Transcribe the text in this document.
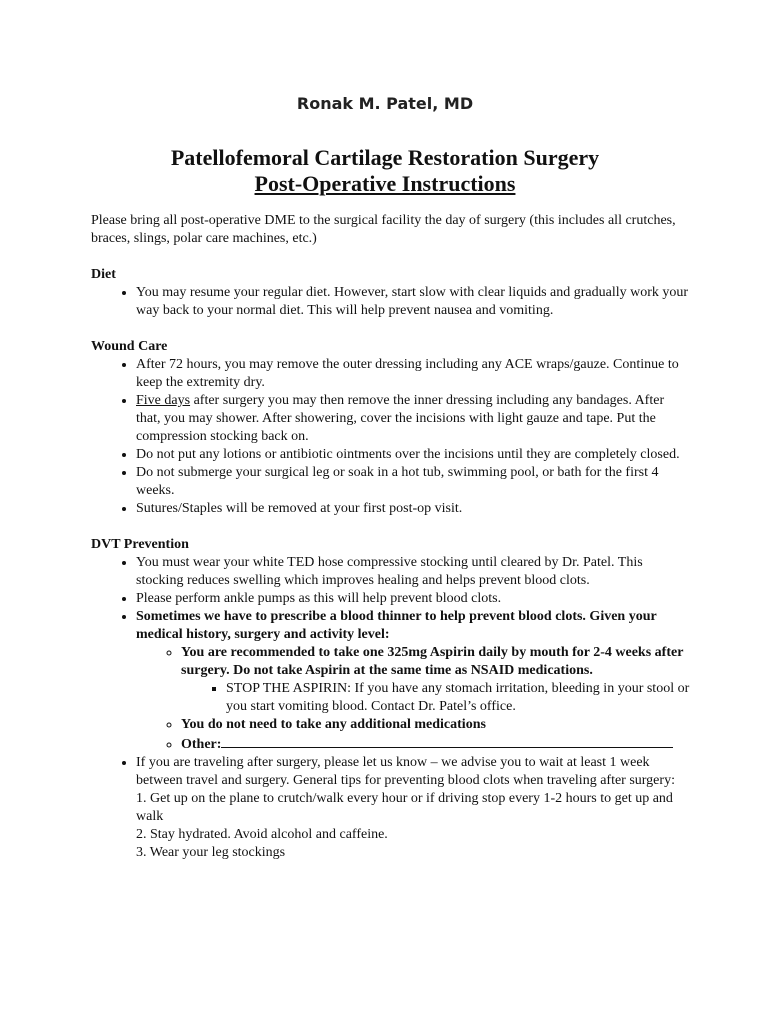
Ronak M. Patel, MD
Patellofemoral Cartilage Restoration Surgery
Post-Operative Instructions

Please bring all post-operative DME to the surgical facility the day of surgery (this includes all crutches, braces, slings, polar care machines, etc.)

Diet
• You may resume your regular diet. However, start slow with clear liquids and gradually work your way back to your normal diet. This will help prevent nausea and vomiting.
Wound Care
• After 72 hours, you may remove the outer dressing including any ACE wraps/gauze. Continue to keep the extremity dry.
• Five days after surgery you may then remove the inner dressing including any bandages. After that, you may shower. After showering, cover the incisions with light gauze and tape. Put the compression stocking back on.
• Do not put any lotions or antibiotic ointments over the incisions until they are completely closed.
• Do not submerge your surgical leg or soak in a hot tub, swimming pool, or bath for the first 4 weeks.
• Sutures/Staples will be removed at your first post-op visit.
DVT Prevention
• You must wear your white TED hose compressive stocking until cleared by Dr. Patel. This stocking reduces swelling which improves healing and helps prevent blood clots.
• Please perform ankle pumps as this will help prevent blood clots.
• Sometimes we have to prescribe a blood thinner to help prevent blood clots. Given your medical history, surgery and activity level:
◦ You are recommended to take one 325mg Aspirin daily by mouth for 2-4 weeks after surgery. Do not take Aspirin at the same time as NSAID medications.
▪ STOP THE ASPIRIN: If you have any stomach irritation, bleeding in your stool or you start vomiting blood. Contact Dr. Patel’s office.
◦ You do not need to take any additional medications
◦ Other:
• If you are traveling after surgery, please let us know – we advise you to wait at least 1 week between travel and surgery. General tips for preventing blood clots when traveling after surgery:

1. Get up on the plane to crutch/walk every hour or if driving stop every 1-2 hours to get up and walk

2. Stay hydrated. Avoid alcohol and caffeine.

3. Wear your leg stockings
